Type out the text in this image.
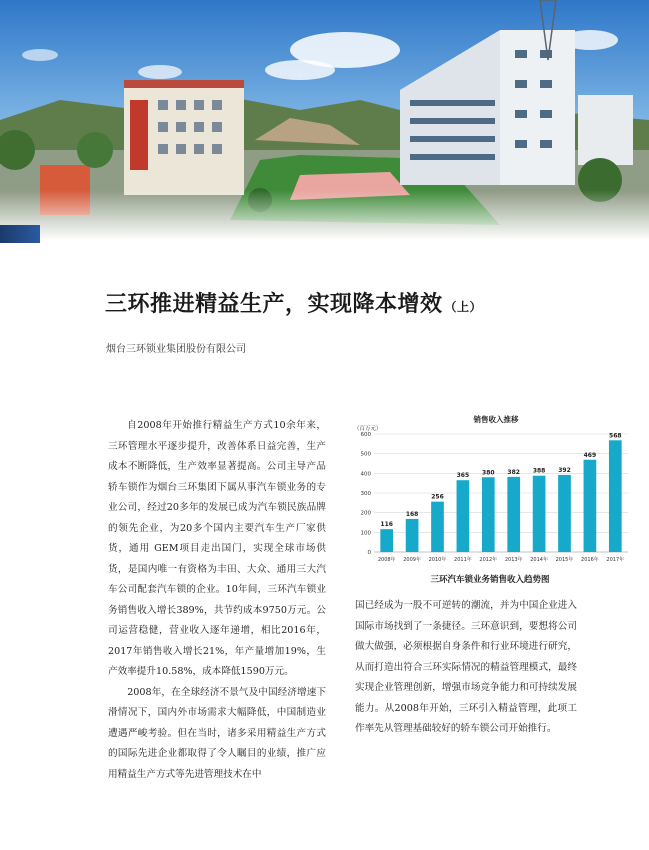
三环推进精益生产，实现降本增效 （上）
烟台三环锁业集团股份有限公司

自2008年开始推行精益生产方式10余年来，三环管理水平逐步提升，改善体系日益完善，生产成本不断降低，生产效率显著提高。公司主导产品轿车锁作为烟台三环集团下属从事汽车锁业务的专业公司，经过20多年的发展已成为汽车锁民族品牌的领先企业，为20多个国内主要汽车生产厂家供货，通用 GEM项目走出国门，实现全球市场供货，是国内唯一有资格为丰田、大众、通用三大汽车公司配套汽车锁的企业。10年间，三环汽车锁业务销售收入增长389%，共节约成本9750万元。公司运营稳健，营业收入逐年递增，相比2016年，2017年销售收入增长21%，年产量增加19%，生产效率提升10.58%，成本降低1590万元。

2008年，在全球经济不景气及中国经济增速下滑情况下，国内外市场需求大幅降低，中国制造业遭遇严峻考验。但在当时，诸多采用精益生产方式的国际先进企业都取得了令人瞩目的业绩，推广应用精益生产方式等先进管理技术在中

销售收入推移
（百万元）
0
100
200
300
400
500
600
116
2008年
168
2009年
256
2010年
365
2011年
380
2012年
382
2013年
388
2014年
392
2015年
469
2016年
568
2017年
三环汽车锁业务销售收入趋势图

国已经成为一股不可逆转的潮流，并为中国企业进入国际市场找到了一条捷径。三环意识到，要想将公司做大做强，必须根据自身条件和行业环境进行研究，从而打造出符合三环实际情况的精益管理模式，最终实现企业管理创新，增强市场竞争能力和可持续发展能力。从2008年开始，三环引入精益管理，此项工作率先从管理基础较好的轿车锁公司开始推行。
